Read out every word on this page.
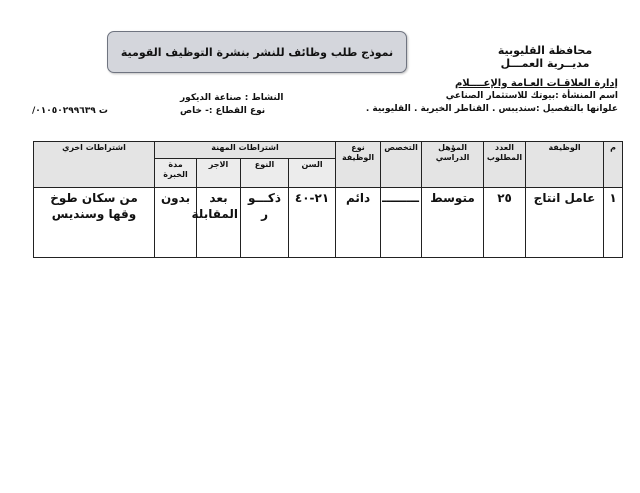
نموذج طلب وظائف للنشر بنشرة التوظيف القومية	محافظة القليوبية
مديــرية العمـــل
إدارة العلاقـات العـامة والإعــــلام
اسم المنشأة :بيوتك للاستثمار الصناعي
علوانها بالتفصيل :سنديبس . القناطر الخيرية . القليوبية .
النشاط : صناعة الديكور
نوع القطاع :- خاص
ت ٠١٠٥٠٢٩٩٦٣٩/
م	الوظيفة	العدد المطلوب	المؤهل الدراسي	التخصص	نوع الوظيفة	اشتراطات المهنة				اشتراطات اخري
						السن	النوع	الاجر	مدة الخبرة	
١	عامل انتاج	٢٥	متوسط	ـــــــــ	دائم	٢١-٤٠	ذكـــو ر	بعد المقابلة	بدون	من سكان طوخ وقها وسنديس
